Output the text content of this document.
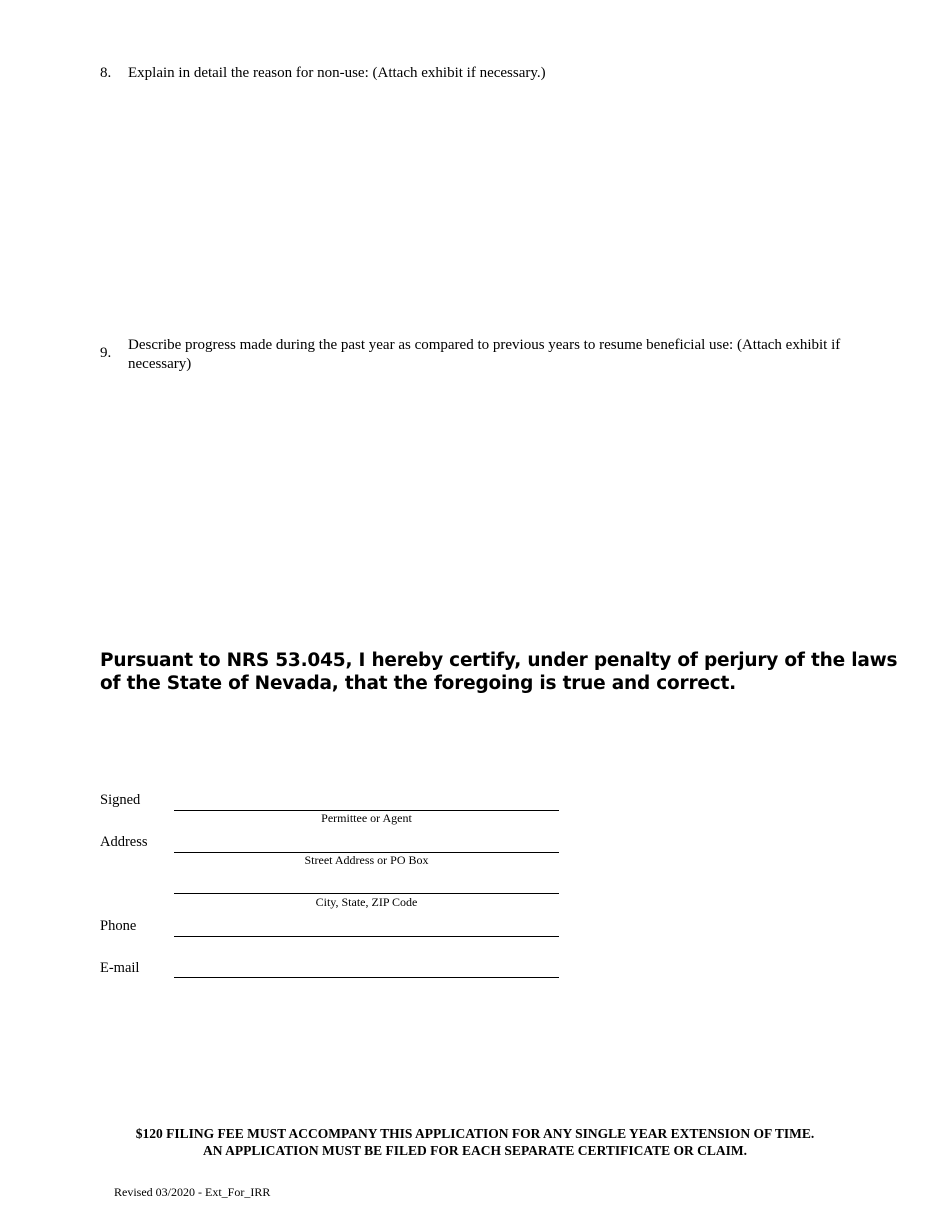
8. Explain in detail the reason for non-use: (Attach exhibit if necessary.)
9. Describe progress made during the past year as compared to previous years to resume beneficial use: (Attach exhibit if necessary)
Pursuant to NRS 53.045, I hereby certify, under penalty of perjury of the laws of the State of Nevada, that the foregoing is true and correct.
Signed
Permittee or Agent
Address
Street Address or PO Box
City, State, ZIP Code
Phone
E-mail
$120 FILING FEE MUST ACCOMPANY THIS APPLICATION FOR ANY SINGLE YEAR EXTENSION OF TIME.
AN APPLICATION MUST BE FILED FOR EACH SEPARATE CERTIFICATE OR CLAIM.
Revised 03/2020 - Ext_For_IRR
